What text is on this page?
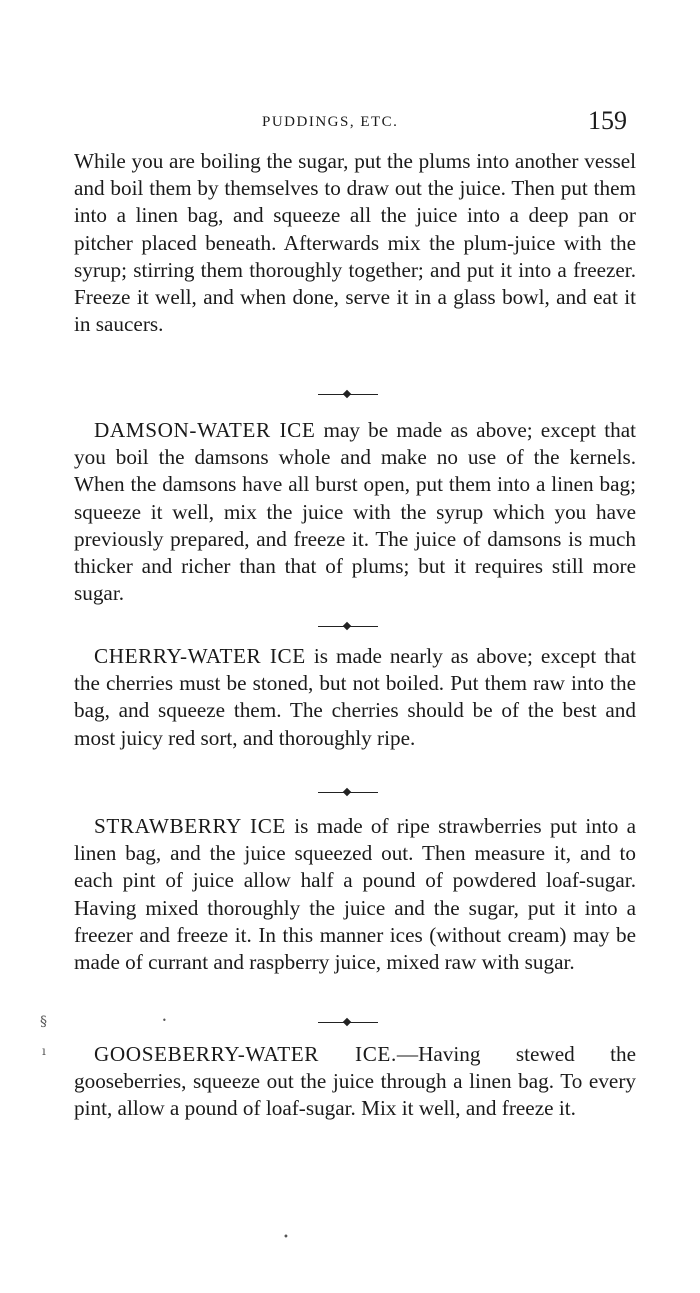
PUDDINGS, ETC.	159

While you are boiling the sugar, put the plums into another vessel and boil them by themselves to draw out the juice. Then put them into a linen bag, and squeeze all the juice into a deep pan or pitcher placed beneath. Afterwards mix the plum-juice with the syrup; stirring them thoroughly together; and put it into a freezer. Freeze it well, and when done, serve it in a glass bowl, and eat it in saucers.

DAMSON-WATER ICE may be made as above; except that you boil the damsons whole and make no use of the kernels. When the damsons have all burst open, put them into a linen bag; squeeze it well, mix the juice with the syrup which you have previously prepared, and freeze it. The juice of damsons is much thicker and richer than that of plums; but it requires still more sugar.

CHERRY-WATER ICE is made nearly as above; except that the cherries must be stoned, but not boiled. Put them raw into the bag, and squeeze them. The cherries should be of the best and most juicy red sort, and thoroughly ripe.

STRAWBERRY ICE is made of ripe strawberries put into a linen bag, and the juice squeezed out. Then measure it, and to each pint of juice allow half a pound of powdered loaf-sugar. Having mixed thoroughly the juice and the sugar, put it into a freezer and freeze it. In this manner ices (without cream) may be made of currant and raspberry juice, mixed raw with sugar.

GOOSEBERRY-WATER ICE.—Having stewed the gooseberries, squeeze out the juice through a linen bag. To every pint, allow a pound of loaf-sugar. Mix it well, and freeze it.

§
ı
•
•
